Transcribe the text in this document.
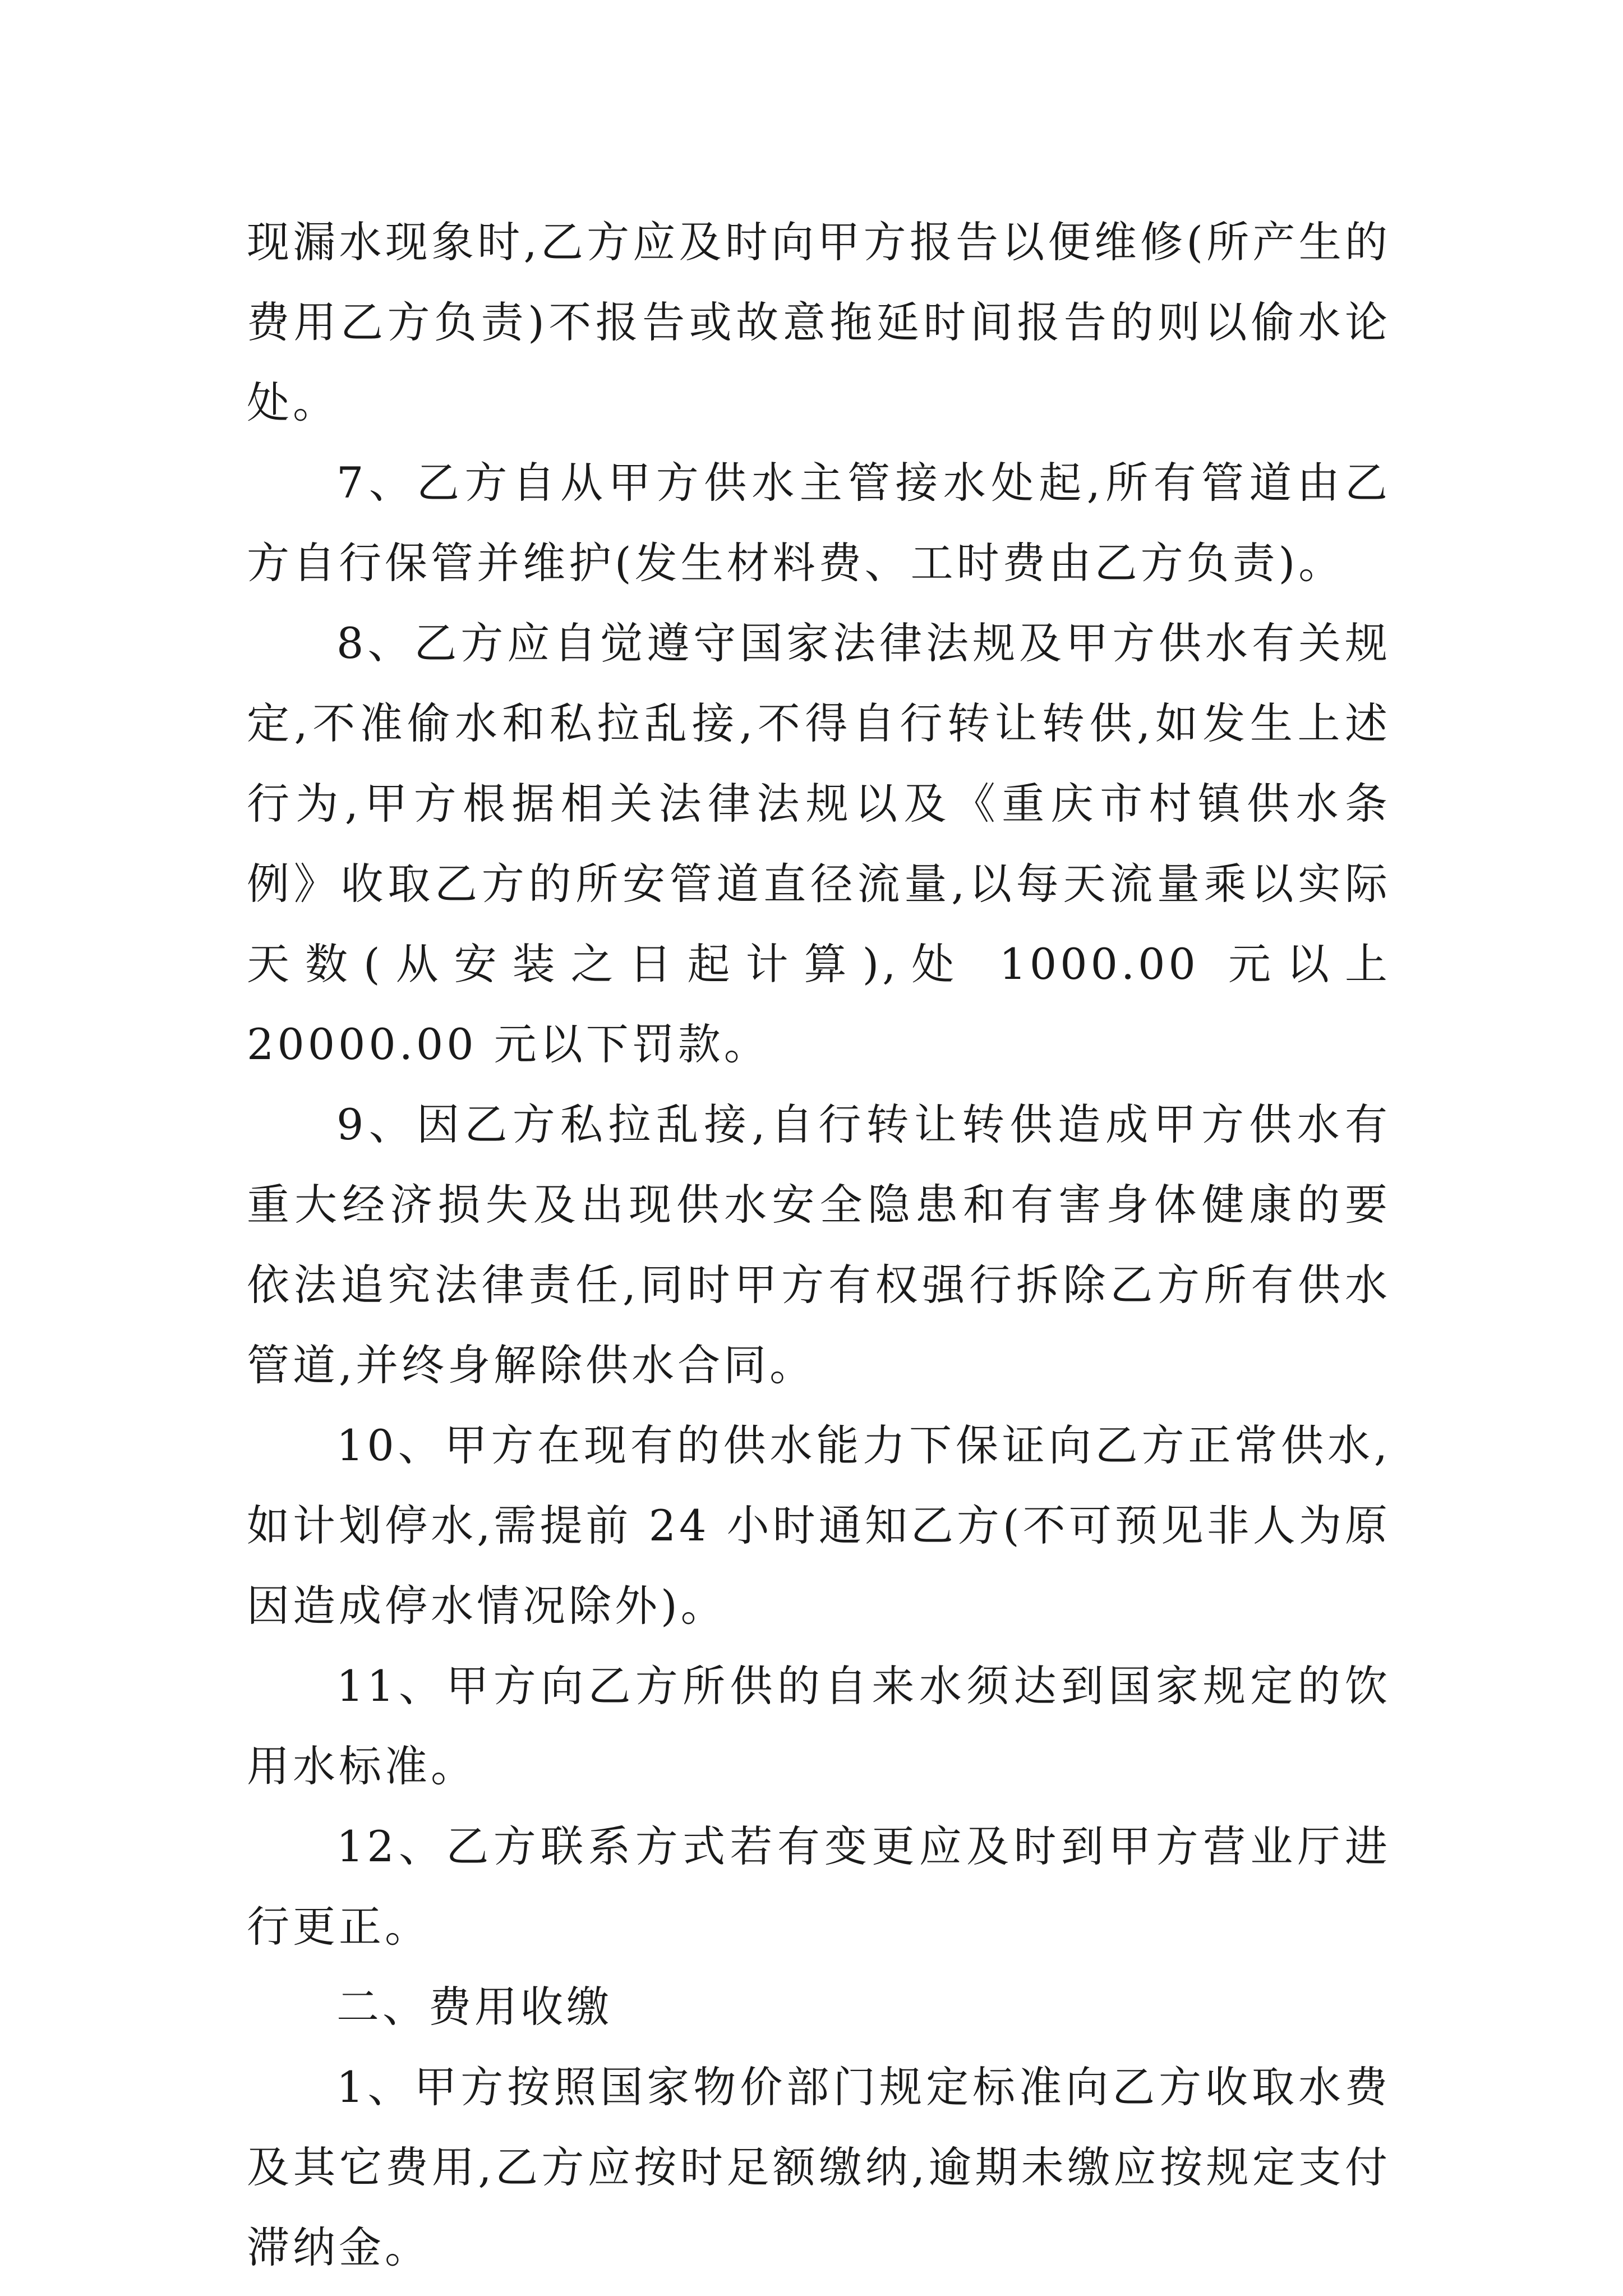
现漏水现象时,乙方应及时向甲方报告以便维修(所产生的费用乙方负责)不报告或故意拖延时间报告的则以偷水论处。

7、乙方自从甲方供水主管接水处起,所有管道由乙方自行保管并维护(发生材料费、工时费由乙方负责)。

8、乙方应自觉遵守国家法律法规及甲方供水有关规定,不准偷水和私拉乱接,不得自行转让转供,如发生上述行为,甲方根据相关法律法规以及《重庆市村镇供水条例》收取乙方的所安管道直径流量,以每天流量乘以实际天数(从安装之日起计算),处 1000.00 元以上 20000.00 元以下罚款。

9、因乙方私拉乱接,自行转让转供造成甲方供水有重大经济损失及出现供水安全隐患和有害身体健康的要依法追究法律责任,同时甲方有权强行拆除乙方所有供水管道,并终身解除供水合同。

10、甲方在现有的供水能力下保证向乙方正常供水,如计划停水,需提前 24 小时通知乙方(不可预见非人为原因造成停水情况除外)。

11、甲方向乙方所供的自来水须达到国家规定的饮用水标准。

12、乙方联系方式若有变更应及时到甲方营业厅进行更正。

二、费用收缴

1、甲方按照国家物价部门规定标准向乙方收取水费及其它费用,乙方应按时足额缴纳,逾期未缴应按规定支付滞纳金。
